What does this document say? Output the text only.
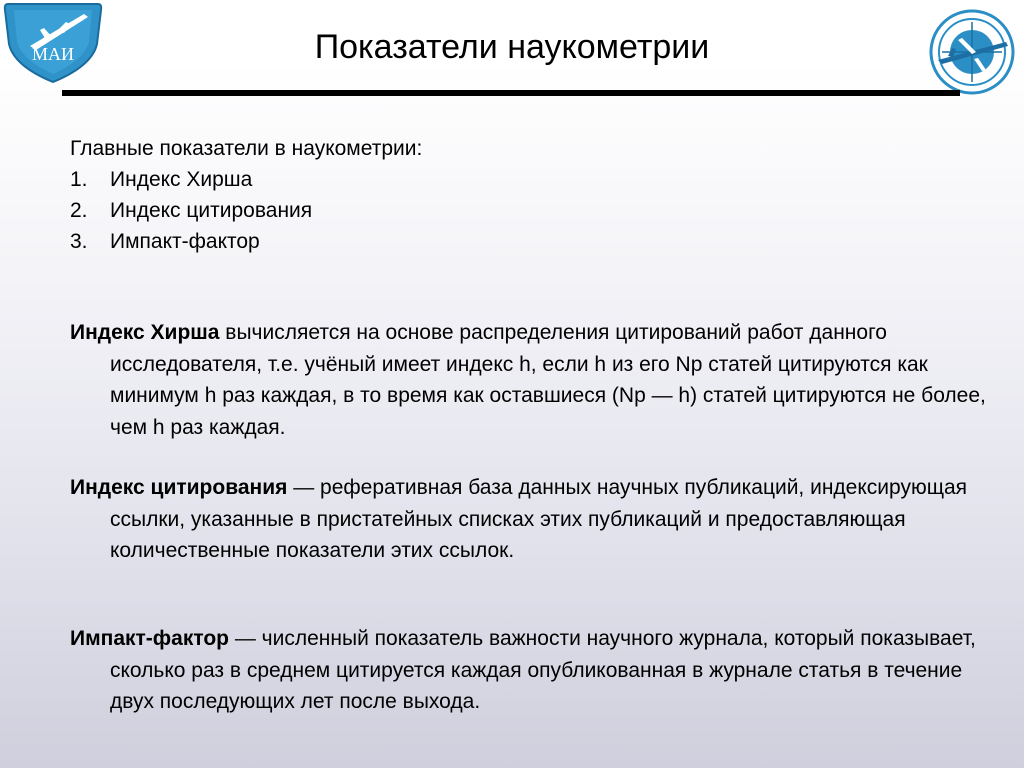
МАИ	Показатели наукометрии
Главные показатели в наукометрии:
1.	Индекс Хирша
2.	Индекс цитирования
3.	Импакт-фактор
Индекс Хирша вычисляется на основе распределения цитирований работ данного исследователя, т.е. учёный имеет индекс h, если h из его Np статей цитируются как минимум h раз каждая, в то время как оставшиеся (Np — h) статей цитируются не более, чем h раз каждая.
Индекс цитирования — реферативная база данных научных публикаций, индексирующая ссылки, указанные в пристатейных списках этих публикаций и предоставляющая количественные показатели этих ссылок.
Импакт-фактор — численный показатель важности научного журнала, который показывает, сколько раз в среднем цитируется каждая опубликованная в журнале статья в течение двух последующих лет после выхода.
